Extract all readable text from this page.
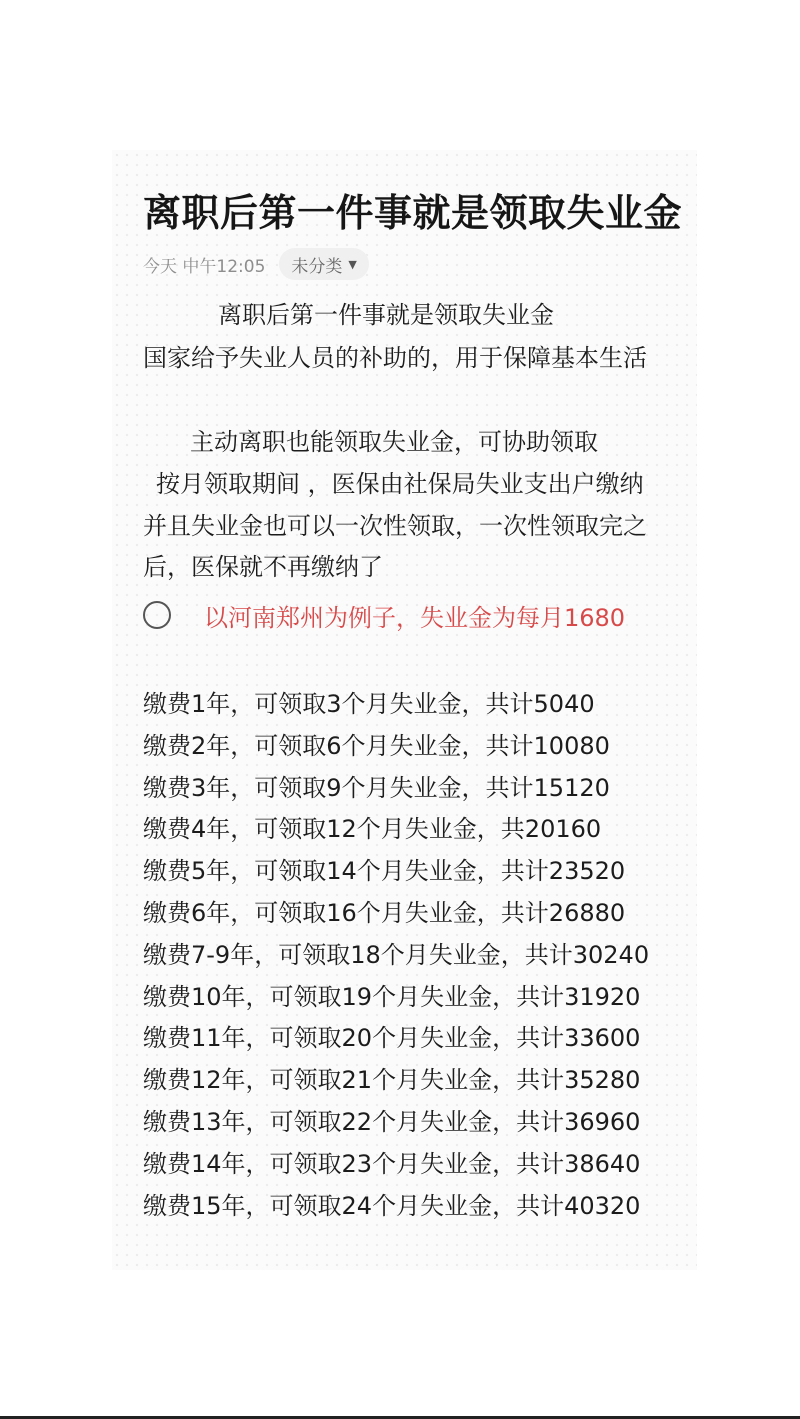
离职后第一件事就是领取失业金
今天 中午12:05 未分类 ▼
离职后第一件事就是领取失业金
国家给予失业人员的补助的，用于保障基本生活
主动离职也能领取失业金，可协助领取
按月领取期间 ，医保由社保局失业支出户缴纳
并且失业金也可以一次性领取，一次性领取完之
后，医保就不再缴纳了
以河南郑州为例子，失业金为每月1680
缴费1年，可领取3个月失业金，共计5040
缴费2年，可领取6个月失业金，共计10080
缴费3年，可领取9个月失业金，共计15120
缴费4年，可领取12个月失业金，共20160
缴费5年，可领取14个月失业金，共计23520
缴费6年，可领取16个月失业金，共计26880
缴费7-9年，可领取18个月失业金，共计30240
缴费10年，可领取19个月失业金，共计31920
缴费11年，可领取20个月失业金，共计33600
缴费12年，可领取21个月失业金，共计35280
缴费13年，可领取22个月失业金，共计36960
缴费14年，可领取23个月失业金，共计38640
缴费15年，可领取24个月失业金，共计40320
